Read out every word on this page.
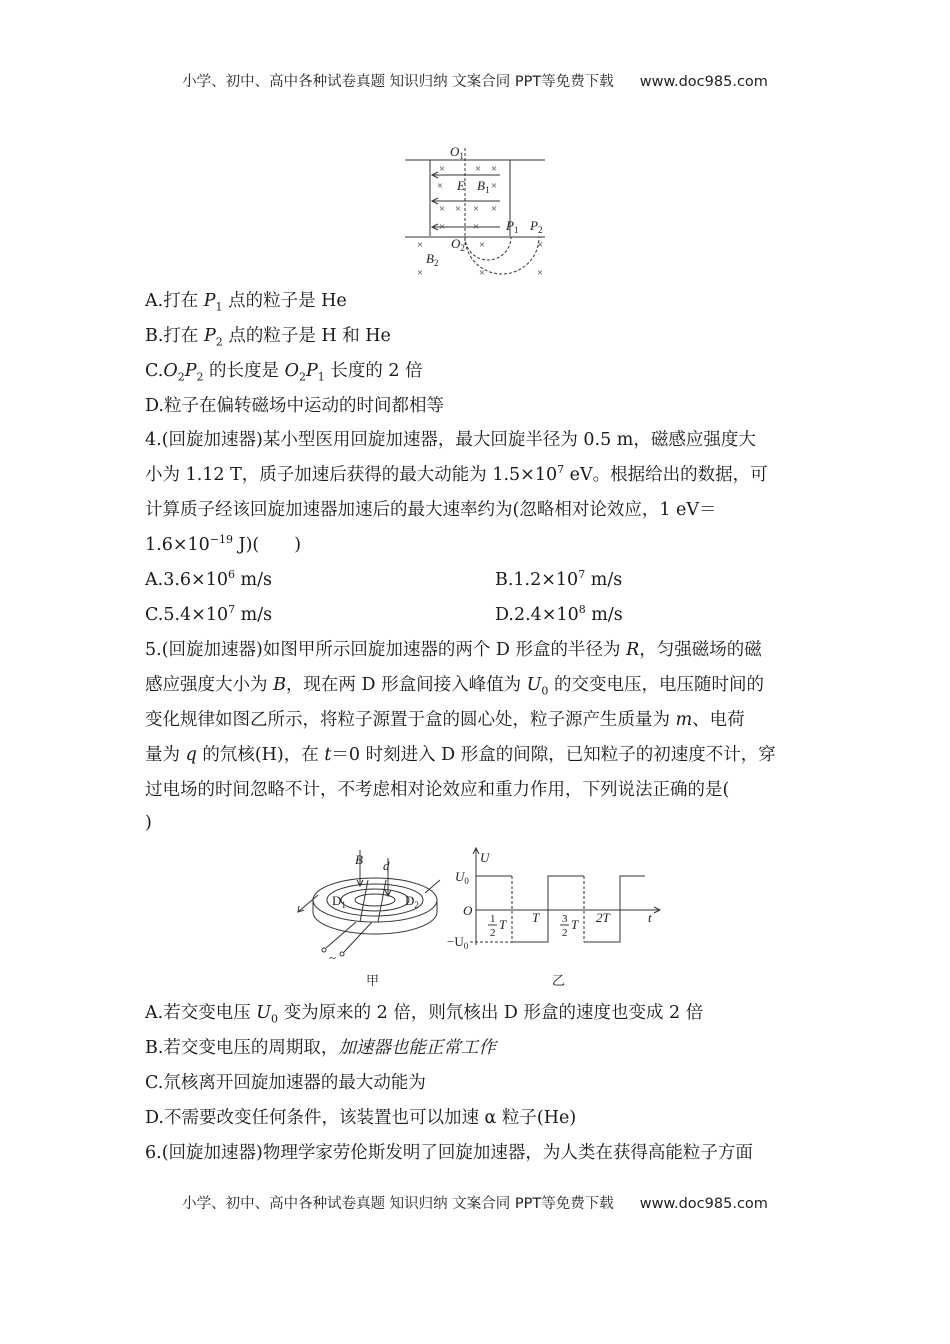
小学、初中、高中各种试卷真题 知识归纳 文案合同 PPT等免费下载 www.doc985.com
×	× ×
×	×
× × × ×
×	×
×	×	×
×	×	×
$O_1$
E $B_1$
$P_1$ $P_2$
$O_2$
$B_2$
A.打在 $P_1$ 点的粒子是 He
B.打在 $P_2$ 点的粒子是 H 和 He
$C.O_2P_2$ 的长度是 $O_2P_1$ 长度的 2 倍
D.粒子在偏转磁场中运动的时间都相等
4.(回旋加速器)某小型医用回旋加速器，最大回旋半径为 0.5 m，磁感应强度大
小为 1.12 T，质子加速后获得的最大动能为 $1.5\times 10^7$ eV。根据给出的数据，可
计算质子经该回旋加速器加速后的最大速率约为(忽略相对论效应，1 eV＝
$1.6\times 10^{-19}$ J)(　　)
$A.3.6\times 10^6$ m/s	$B.1.2\times 10^7$ m/s
$C.5.4\times 10^7$ m/s	$D.2.4\times 10^8$ m/s
5.(回旋加速器)如图甲所示回旋加速器的两个 D 形盒的半径为 R，匀强磁场的磁
感应强度大小为 B，现在两 D 形盒间接入峰值为 $U_0$ 的交变电压，电压随时间的
变化规律如图乙所示，将粒子源置于盒的圆心处，粒子源产生质量为 m、电荷
量为 q 的氘核(H)，在 t＝0 时刻进入 D 形盒的间隙，已知粒子的初速度不计，穿
过电场的时间忽略不计，不考虑相对论效应和重力作用，下列说法正确的是(
)
B d
$D_1$	$D_2$
~
甲
U
$U_0$
O
$-U_0$
1
2
T T 3
2
T 2T	t
乙
A.若交变电压 $U_0$ 变为原来的 2 倍，则氘核出 D 形盒的速度也变成 2 倍
B.若交变电压的周期取，加速器也能正常工作
C.氘核离开回旋加速器的最大动能为
D.不需要改变任何条件，该装置也可以加速 α 粒子(He)
6.(回旋加速器)物理学家劳伦斯发明了回旋加速器，为人类在获得高能粒子方面
小学、初中、高中各种试卷真题 知识归纳 文案合同 PPT等免费下载 www.doc985.com
